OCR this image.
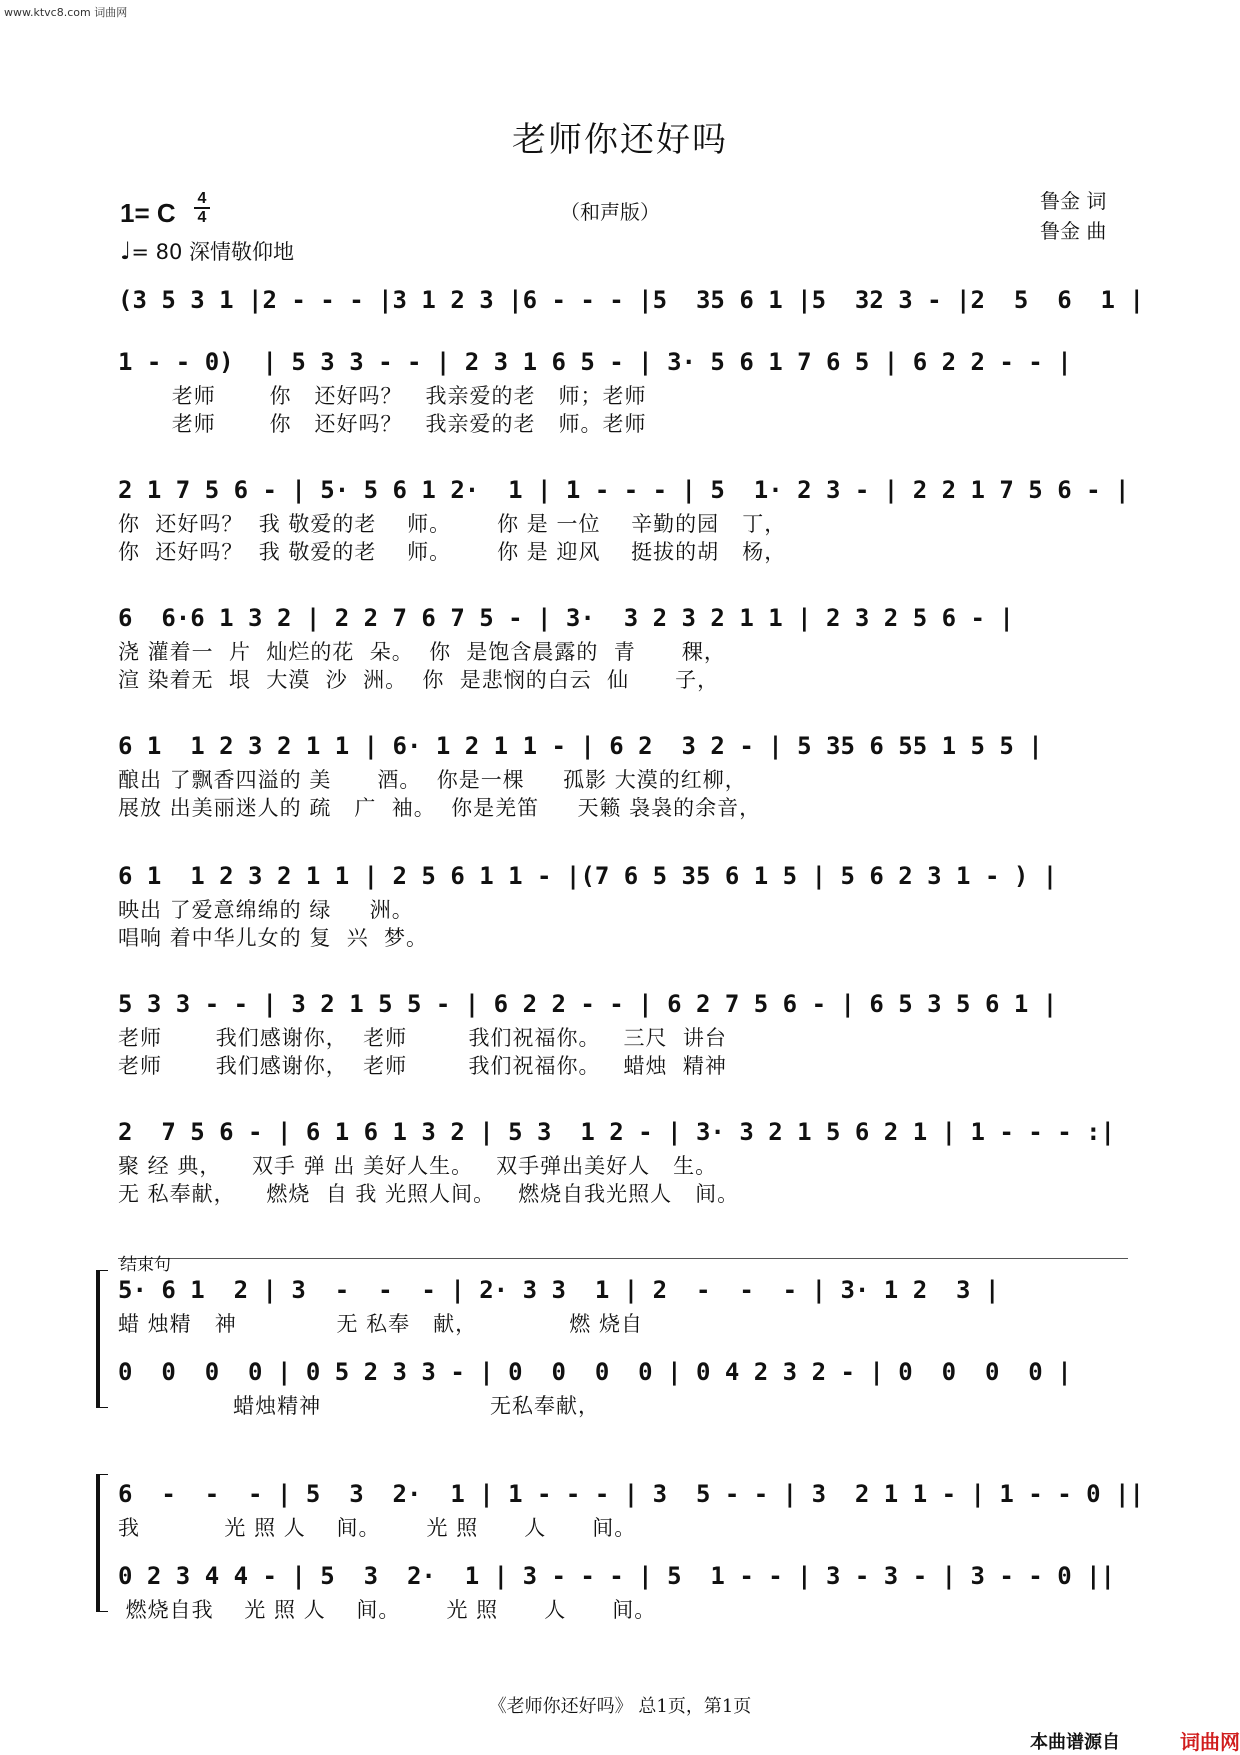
www.ktvc8.com 词曲网
老师你还好吗
（和声版）	鲁金 词
鲁金 曲
1= C 4
4
♩= 80 深情敬仰地
(3 5 3 1 |2 - - - |3 1 2 3 |6 - - - |5  35 6 1 |5  32 3 - |2  5  6  1 |
1 - - 0)  | 5 3 3 - - | 2 3 1 6 5 - | 3· 5 6 1 7 6 5 | 6 2 2 - - |
老师       你   还好吗？   我亲爱的老   师；老师
老师       你   还好吗？   我亲爱的老   师。老师
2 1 7 5 6 - | 5· 5 6 1 2·  1 | 1 - - - | 5  1· 2 3 - | 2 2 1 7 5 6 - |
你  还好吗？  我 敬爱的老    师。      你 是 一位    辛勤的园   丁，
你  还好吗？  我 敬爱的老    师。      你 是 迎风    挺拔的胡   杨，
6  6·6 1 3 2 | 2 2 7 6 7 5 - | 3·  3 2 3 2 1 1 | 2 3 2 5 6 - |
浇 灌着一  片  灿烂的花  朵。  你  是饱含晨露的  青      稞，
渲 染着无  垠  大漠  沙  洲。  你  是悲悯的白云  仙      子，
6 1  1 2 3 2 1 1 | 6· 1 2 1 1 - | 6 2  3 2 - | 5 35 6 55 1 5 5 |
酿出 了飘香四溢的 美      酒。  你是一棵     孤影 大漠的红柳，
展放 出美丽迷人的 疏   广  袖。  你是羌笛     天籁 袅袅的余音，
6 1  1 2 3 2 1 1 | 2 5 6 1 1 - |(7 6 5 35 6 1 5 | 5 6 2 3 1 - ) |
映出 了爱意绵绵的 绿     洲。
唱响 着中华儿女的 复  兴  梦。
5 3 3 - - | 3 2 1 5 5 - | 6 2 2 - - | 6 2 7 5 6 - | 6 5 3 5 6 1 |
老师       我们感谢你，  老师        我们祝福你。   三尺  讲台
老师       我们感谢你，  老师        我们祝福你。   蜡烛  精神
2  7 5 6 - | 6 1 6 1 3 2 | 5 3  1 2 - | 3· 3 2 1 5 6 2 1 | 1 - - - :|
聚 经 典，    双手 弹 出 美好人生。   双手弹出美好人   生。
无 私奉献，    燃烧  自 我 光照人间。   燃烧自我光照人   间。
结束句
5· 6 1  2 | 3  -  -  - | 2· 3 3  1 | 2  -  -  - | 3· 1 2  3 |
蜡 烛精   神             无 私奉   献，            燃 烧自
0  0  0  0 | 0 5 2 3 3 - | 0  0  0  0 | 0 4 2 3 2 - | 0  0  0  0 |
蜡烛精神                      无私奉献，
6  -  -  - | 5  3  2·  1 | 1 - - - | 3  5 - - | 3  2 1 1 - | 1 - - 0 ||
我           光 照 人    间。      光 照      人      间。
0 2 3 4 4 - | 5  3  2·  1 | 3 - - - | 5  1 - - | 3 - 3 - | 3 - - 0 ||
燃烧自我    光 照 人    间。      光 照      人      间。
《老师你还好吗》 总1页，第1页
本曲谱源自	词曲网
